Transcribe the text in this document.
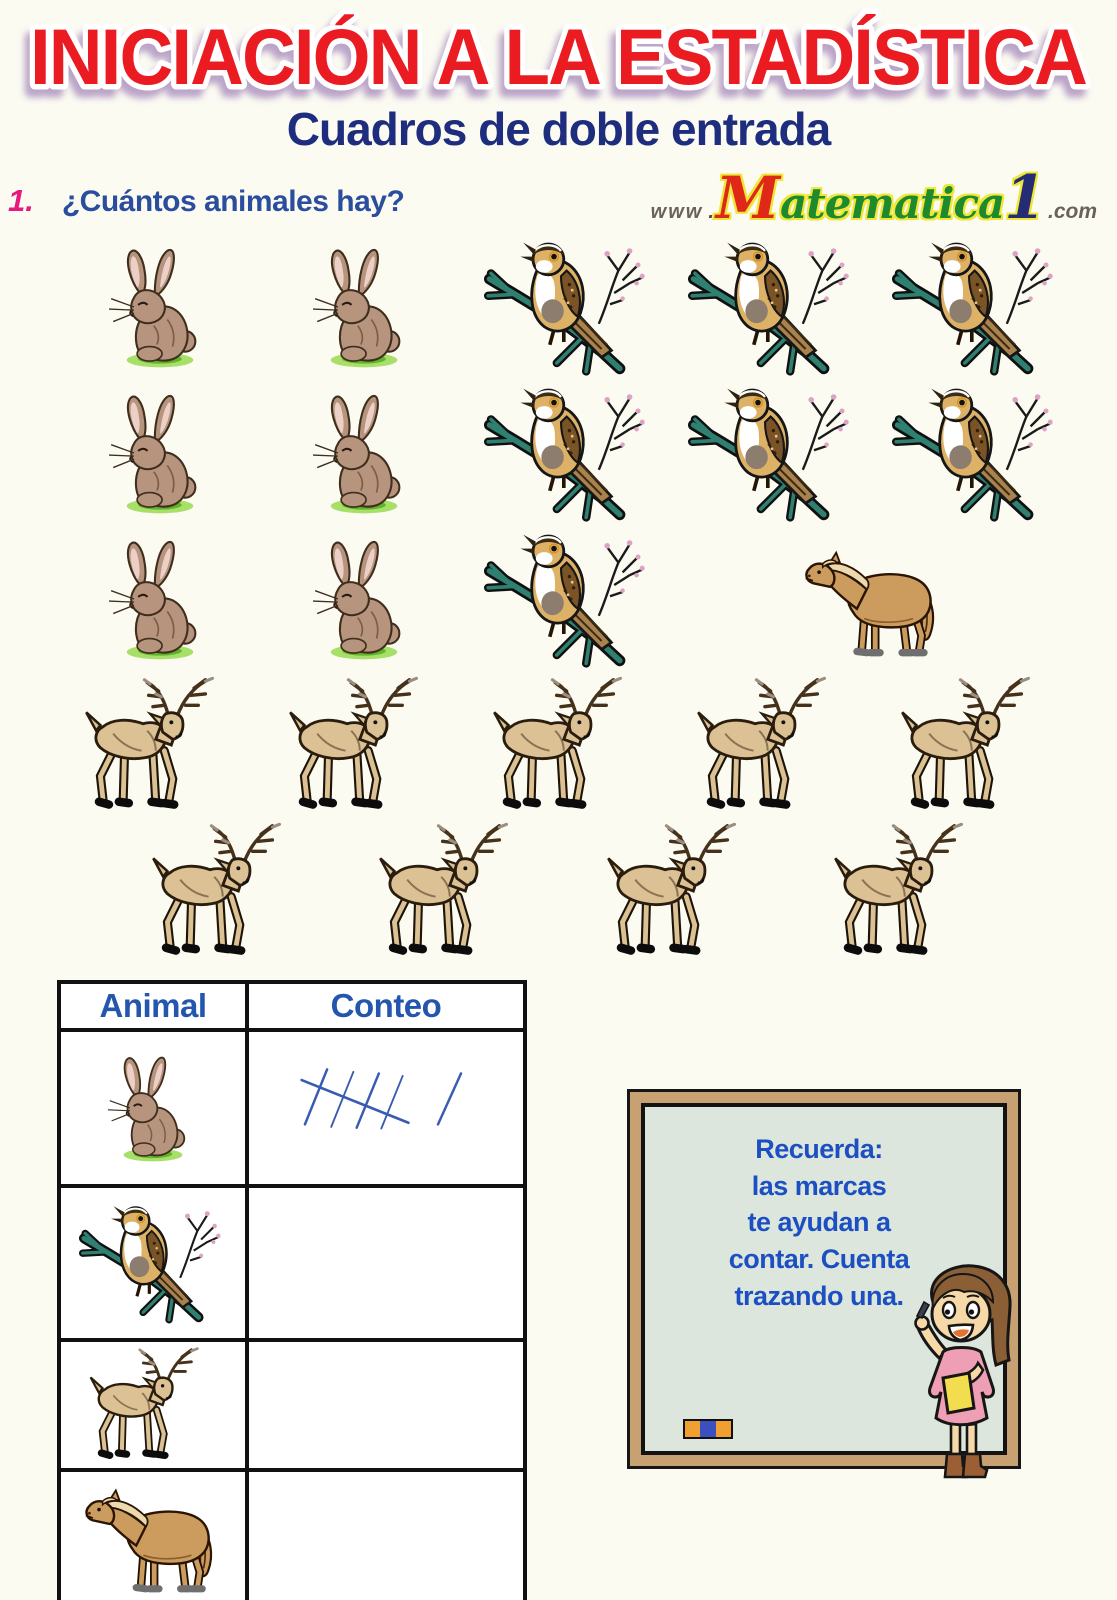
INICIACIÓN A LA ESTADÍSTICA
Cuadros de doble entrada
1. ¿Cuántos animales hay?	www . M atematica 1 .com
Animal	Conteo
Recuerda:
las marcas
te ayudan a
contar. Cuenta
trazando una.
